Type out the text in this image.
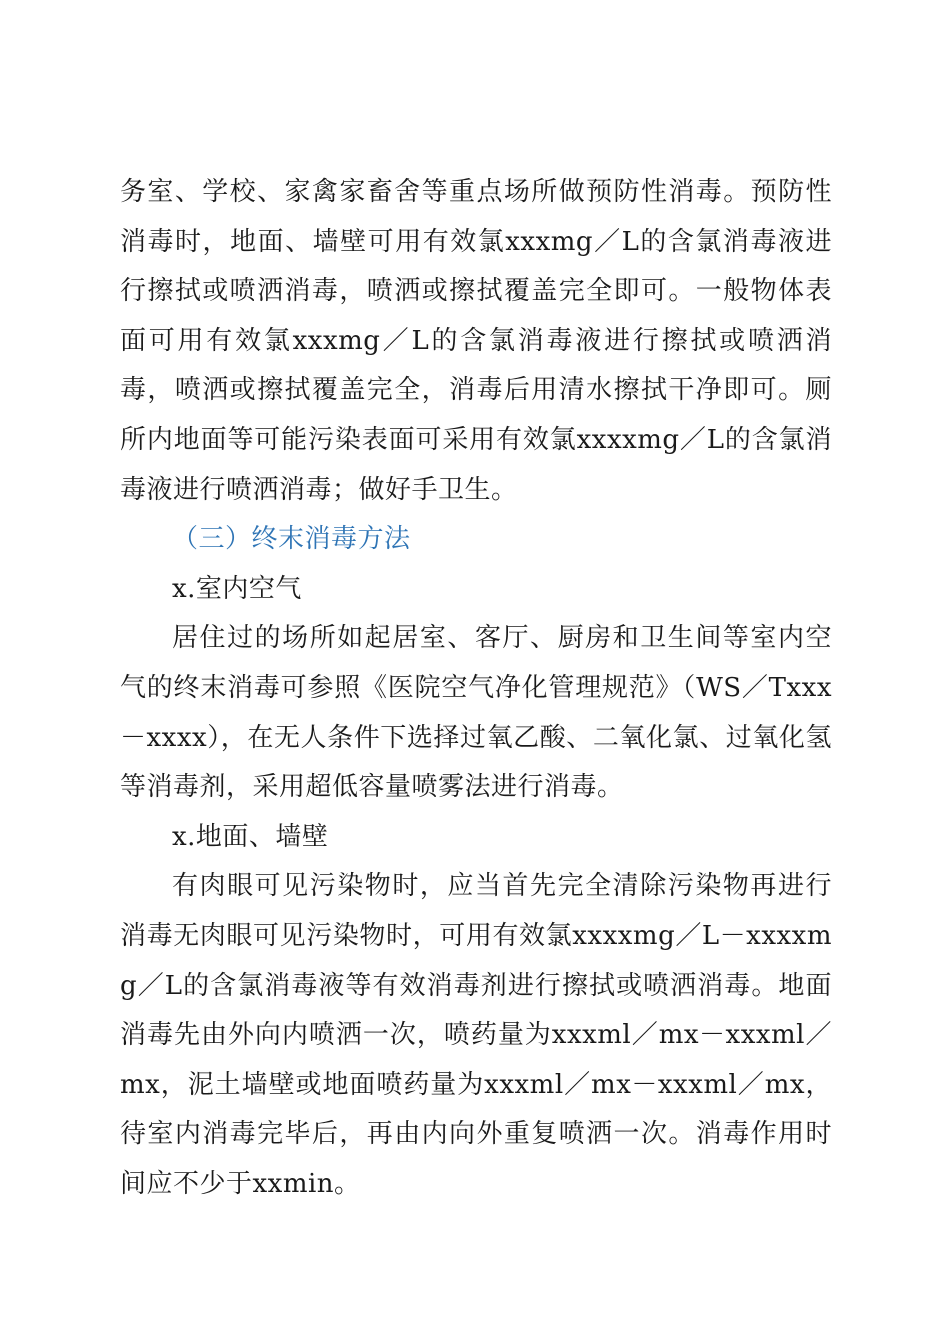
务室、学校、家禽家畜舍等重点场所做预防性消毒。预防性消毒时，地面、墙壁可用有效氯xxxmg／L的含氯消毒液进行擦拭或喷洒消毒，喷洒或擦拭覆盖完全即可。一般物体表面可用有效氯xxxmg／L的含氯消毒液进行擦拭或喷洒消毒，喷洒或擦拭覆盖完全，消毒后用清水擦拭干净即可。厕所内地面等可能污染表面可采用有效氯xxxxmg／L的含氯消毒液进行喷洒消毒；做好手卫生。

（三）终末消毒方法

x.室内空气

居住过的场所如起居室、客厅、厨房和卫生间等室内空气的终末消毒可参照《医院空气净化管理规范》（WS／Txxx－xxxx），在无人条件下选择过氧乙酸、二氧化氯、过氧化氢等消毒剂，采用超低容量喷雾法进行消毒。

x.地面、墙壁

有肉眼可见污染物时，应当首先完全清除污染物再进行消毒无肉眼可见污染物时，可用有效氯xxxxmg／L－xxxxmg／L的含氯消毒液等有效消毒剂进行擦拭或喷洒消毒。地面消毒先由外向内喷洒一次，喷药量为xxxml／mx－xxxml／mx，泥土墙壁或地面喷药量为xxxml／mx－xxxml／mx，待室内消毒完毕后，再由内向外重复喷洒一次。消毒作用时间应不少于xxmin。
